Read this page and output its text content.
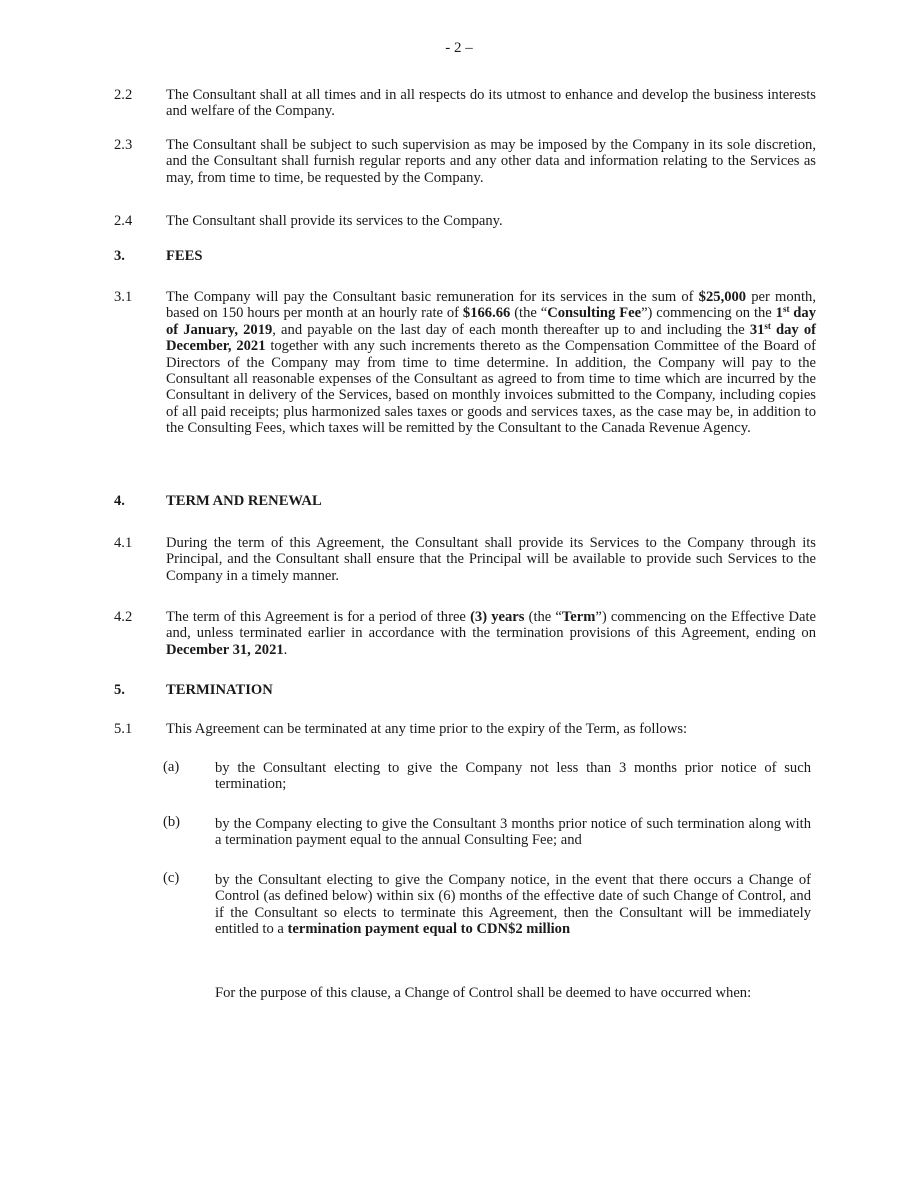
- 2 –
2.2 The Consultant shall at all times and in all respects do its utmost to enhance and develop the business interests and welfare of the Company.
2.3 The Consultant shall be subject to such supervision as may be imposed by the Company in its sole discretion, and the Consultant shall furnish regular reports and any other data and information relating to the Services as may, from time to time, be requested by the Company.
2.4 The Consultant shall provide its services to the Company.
3.	FEES
3.1 The Company will pay the Consultant basic remuneration for its services in the sum of $25,000 per month, based on 150 hours per month at an hourly rate of $166.66 (the “Consulting Fee”) commencing on the 1st day of January, 2019, and payable on the last day of each month thereafter up to and including the 31st day of December, 2021 together with any such increments thereto as the Compensation Committee of the Board of Directors of the Company may from time to time determine. In addition, the Company will pay to the Consultant all reasonable expenses of the Consultant as agreed to from time to time which are incurred by the Consultant in delivery of the Services, based on monthly invoices submitted to the Company, including copies of all paid receipts; plus harmonized sales taxes or goods and services taxes, as the case may be, in addition to the Consulting Fees, which taxes will be remitted by the Consultant to the Canada Revenue Agency.
4.	TERM AND RENEWAL
4.1 During the term of this Agreement, the Consultant shall provide its Services to the Company through its Principal, and the Consultant shall ensure that the Principal will be available to provide such Services to the Company in a timely manner.
4.2 The term of this Agreement is for a period of three (3) years (the “Term”) commencing on the Effective Date and, unless terminated earlier in accordance with the termination provisions of this Agreement, ending on December 31, 2021.
5.	TERMINATION
5.1 This Agreement can be terminated at any time prior to the expiry of the Term, as follows:
(a) by the Consultant electing to give the Company not less than 3 months prior notice of such termination;
(b) by the Company electing to give the Consultant 3 months prior notice of such termination along with a termination payment equal to the annual Consulting Fee; and
(c) by the Consultant electing to give the Company notice, in the event that there occurs a Change of Control (as defined below) within six (6) months of the effective date of such Change of Control, and if the Consultant so elects to terminate this Agreement, then the Consultant will be immediately entitled to a termination payment equal to CDN$2 million
For the purpose of this clause, a Change of Control shall be deemed to have occurred when:
